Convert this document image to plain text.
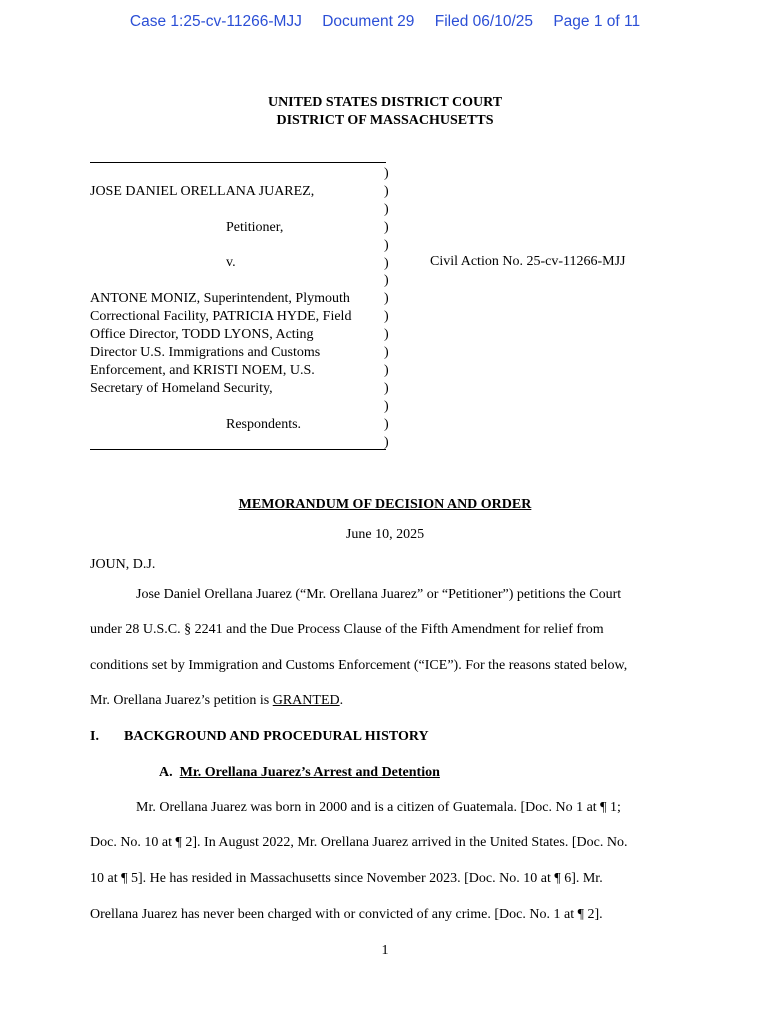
Case 1:25-cv-11266-MJJ Document 29 Filed 06/10/25 Page 1 of 11
UNITED STATES DISTRICT COURT
DISTRICT OF MASSACHUSETTS
)
)
)
)
)
)
)
)
)
)
)
)
)
)
)
)
JOSE DANIEL ORELLANA JUAREZ,
Petitioner,
v.
ANTONE MONIZ, Superintendent, Plymouth
Correctional Facility, PATRICIA HYDE, Field
Office Director, TODD LYONS, Acting
Director U.S. Immigrations and Customs
Enforcement, and KRISTI NOEM, U.S.
Secretary of Homeland Security,
Respondents.
Civil Action No. 25-cv-11266-MJJ
MEMORANDUM OF DECISION AND ORDER
June 10, 2025
JOUN, D.J.
Jose Daniel Orellana Juarez (“Mr. Orellana Juarez” or “Petitioner”) petitions the Court
under 28 U.S.C. § 2241 and the Due Process Clause of the Fifth Amendment for relief from
conditions set by Immigration and Customs Enforcement (“ICE”). For the reasons stated below,
Mr. Orellana Juarez’s petition is GRANTED.
I. BACKGROUND AND PROCEDURAL HISTORY
A. Mr. Orellana Juarez’s Arrest and Detention
Mr. Orellana Juarez was born in 2000 and is a citizen of Guatemala. [Doc. No 1 at ¶ 1;
Doc. No. 10 at ¶ 2]. In August 2022, Mr. Orellana Juarez arrived in the United States. [Doc. No.
10 at ¶ 5]. He has resided in Massachusetts since November 2023. [Doc. No. 10 at ¶ 6]. Mr.
Orellana Juarez has never been charged with or convicted of any crime. [Doc. No. 1 at ¶ 2].
1
